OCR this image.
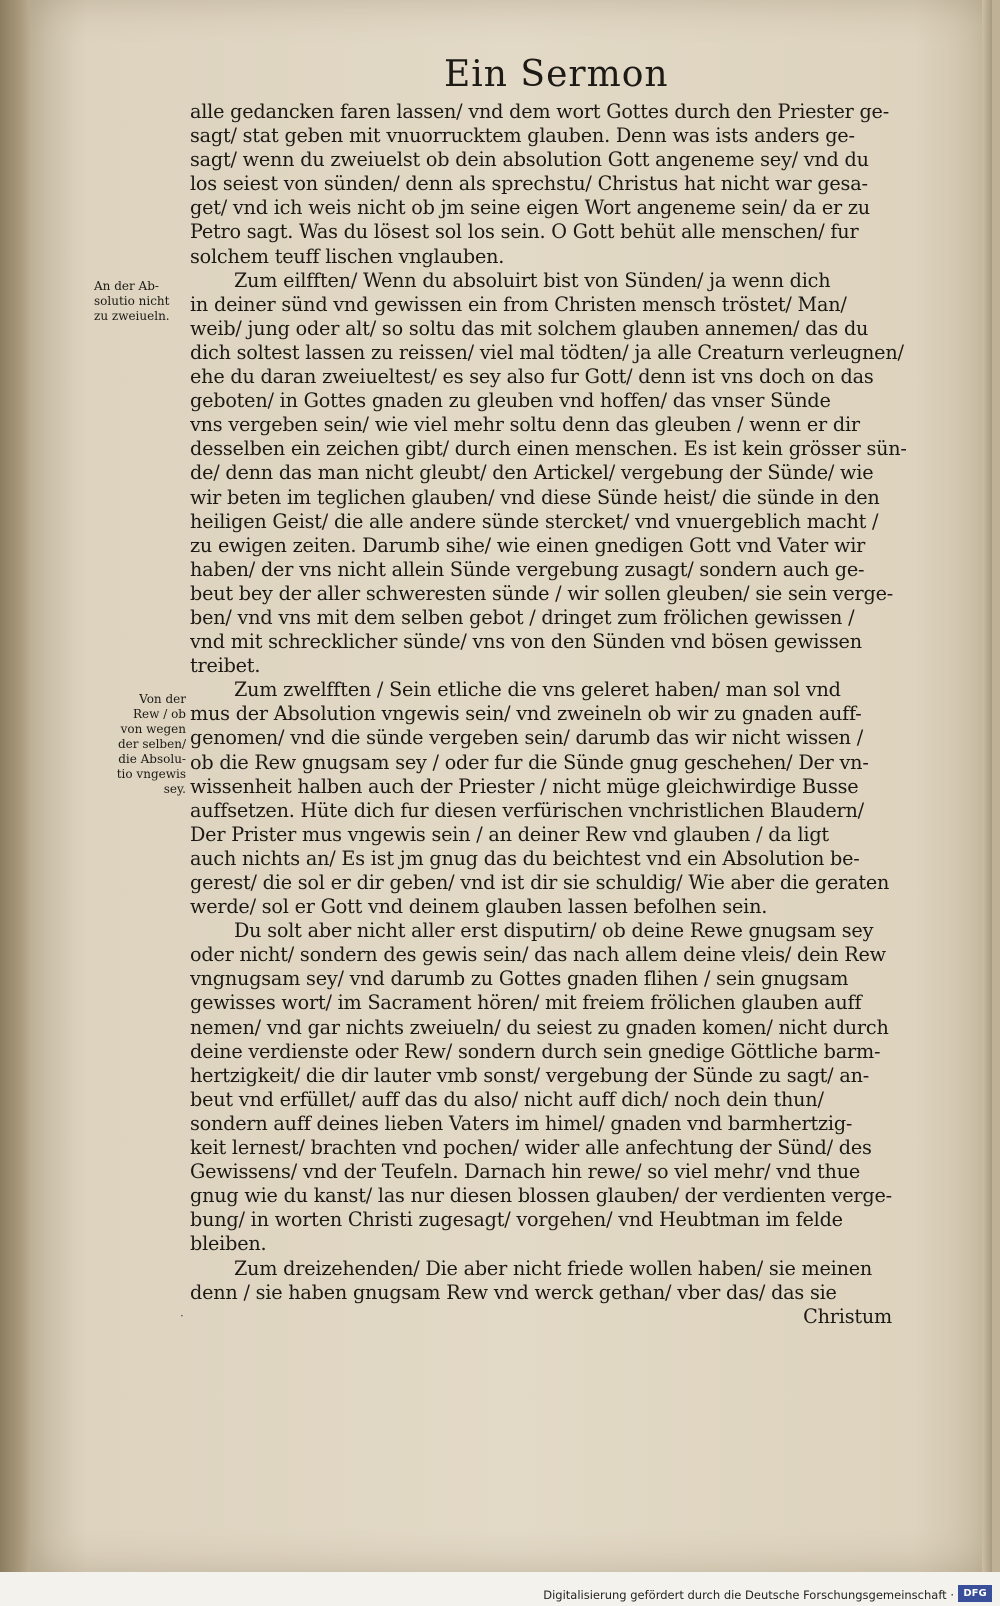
Ein Sermon
An der Ab-
solutio nicht
zu zweiueln.
Von der
Rew / ob
von wegen
der selben/
die Absolu-
tio vngewis
sey.
alle gedancken faren lassen/ vnd dem wort Gottes durch den Priester ge-
sagt/ stat geben mit vnuorrucktem glauben. Denn was ists anders ge-
sagt/ wenn du zweiuelst ob dein absolution Gott angeneme sey/ vnd du
los seiest von sünden/ denn als sprechstu/ Christus hat nicht war gesa-
get/ vnd ich weis nicht ob jm seine eigen Wort angeneme sein/ da er zu
Petro sagt. Was du lösest sol los sein. O Gott behüt alle menschen/ fur
solchem teuff lischen vnglauben.
Zum eilfften/ Wenn du absoluirt bist von Sünden/ ja wenn dich
in deiner sünd vnd gewissen ein from Christen mensch tröstet/ Man/
weib/ jung oder alt/ so soltu das mit solchem glauben annemen/ das du
dich soltest lassen zu reissen/ viel mal tödten/ ja alle Creaturn verleugnen/
ehe du daran zweiueltest/ es sey also fur Gott/ denn ist vns doch on das
geboten/ in Gottes gnaden zu gleuben vnd hoffen/ das vnser Sünde
vns vergeben sein/ wie viel mehr soltu denn das gleuben / wenn er dir
desselben ein zeichen gibt/ durch einen menschen. Es ist kein grösser sün-
de/ denn das man nicht gleubt/ den Artickel/ vergebung der Sünde/ wie
wir beten im teglichen glauben/ vnd diese Sünde heist/ die sünde in den
heiligen Geist/ die alle andere sünde stercket/ vnd vnuergeblich macht /
zu ewigen zeiten. Darumb sihe/ wie einen gnedigen Gott vnd Vater wir
haben/ der vns nicht allein Sünde vergebung zusagt/ sondern auch ge-
beut bey der aller schweresten sünde / wir sollen gleuben/ sie sein verge-
ben/ vnd vns mit dem selben gebot / dringet zum frölichen gewissen /
vnd mit schrecklicher sünde/ vns von den Sünden vnd bösen gewissen
treibet.
Zum zwelfften / Sein etliche die vns geleret haben/ man sol vnd
mus der Absolution vngewis sein/ vnd zweineln ob wir zu gnaden auff-
genomen/ vnd die sünde vergeben sein/ darumb das wir nicht wissen /
ob die Rew gnugsam sey / oder fur die Sünde gnug geschehen/ Der vn-
wissenheit halben auch der Priester / nicht müge gleichwirdige Busse
auffsetzen. Hüte dich fur diesen verfürischen vnchristlichen Blaudern/
Der Prister mus vngewis sein / an deiner Rew vnd glauben / da ligt
auch nichts an/ Es ist jm gnug das du beichtest vnd ein Absolution be-
gerest/ die sol er dir geben/ vnd ist dir sie schuldig/ Wie aber die geraten
werde/ sol er Gott vnd deinem glauben lassen befolhen sein.
Du solt aber nicht aller erst disputirn/ ob deine Rewe gnugsam sey
oder nicht/ sondern des gewis sein/ das nach allem deine vleis/ dein Rew
vngnugsam sey/ vnd darumb zu Gottes gnaden flihen / sein gnugsam
gewisses wort/ im Sacrament hören/ mit freiem frölichen glauben auff
nemen/ vnd gar nichts zweiueln/ du seiest zu gnaden komen/ nicht durch
deine verdienste oder Rew/ sondern durch sein gnedige Göttliche barm-
hertzigkeit/ die dir lauter vmb sonst/ vergebung der Sünde zu sagt/ an-
beut vnd erfüllet/ auff das du also/ nicht auff dich/ noch dein thun/
sondern auff deines lieben Vaters im himel/ gnaden vnd barmhertzig-
keit lernest/ brachten vnd pochen/ wider alle anfechtung der Sünd/ des
Gewissens/ vnd der Teufeln. Darnach hin rewe/ so viel mehr/ vnd thue
gnug wie du kanst/ las nur diesen blossen glauben/ der verdienten verge-
bung/ in worten Christi zugesagt/ vorgehen/ vnd Heubtman im felde
bleiben.
Zum dreizehenden/ Die aber nicht friede wollen haben/ sie meinen
denn / sie haben gnugsam Rew vnd werck gethan/ vber das/ das sie
Christum
·
Digitalisierung gefördert durch die Deutsche Forschungsgemeinschaft · DFG
